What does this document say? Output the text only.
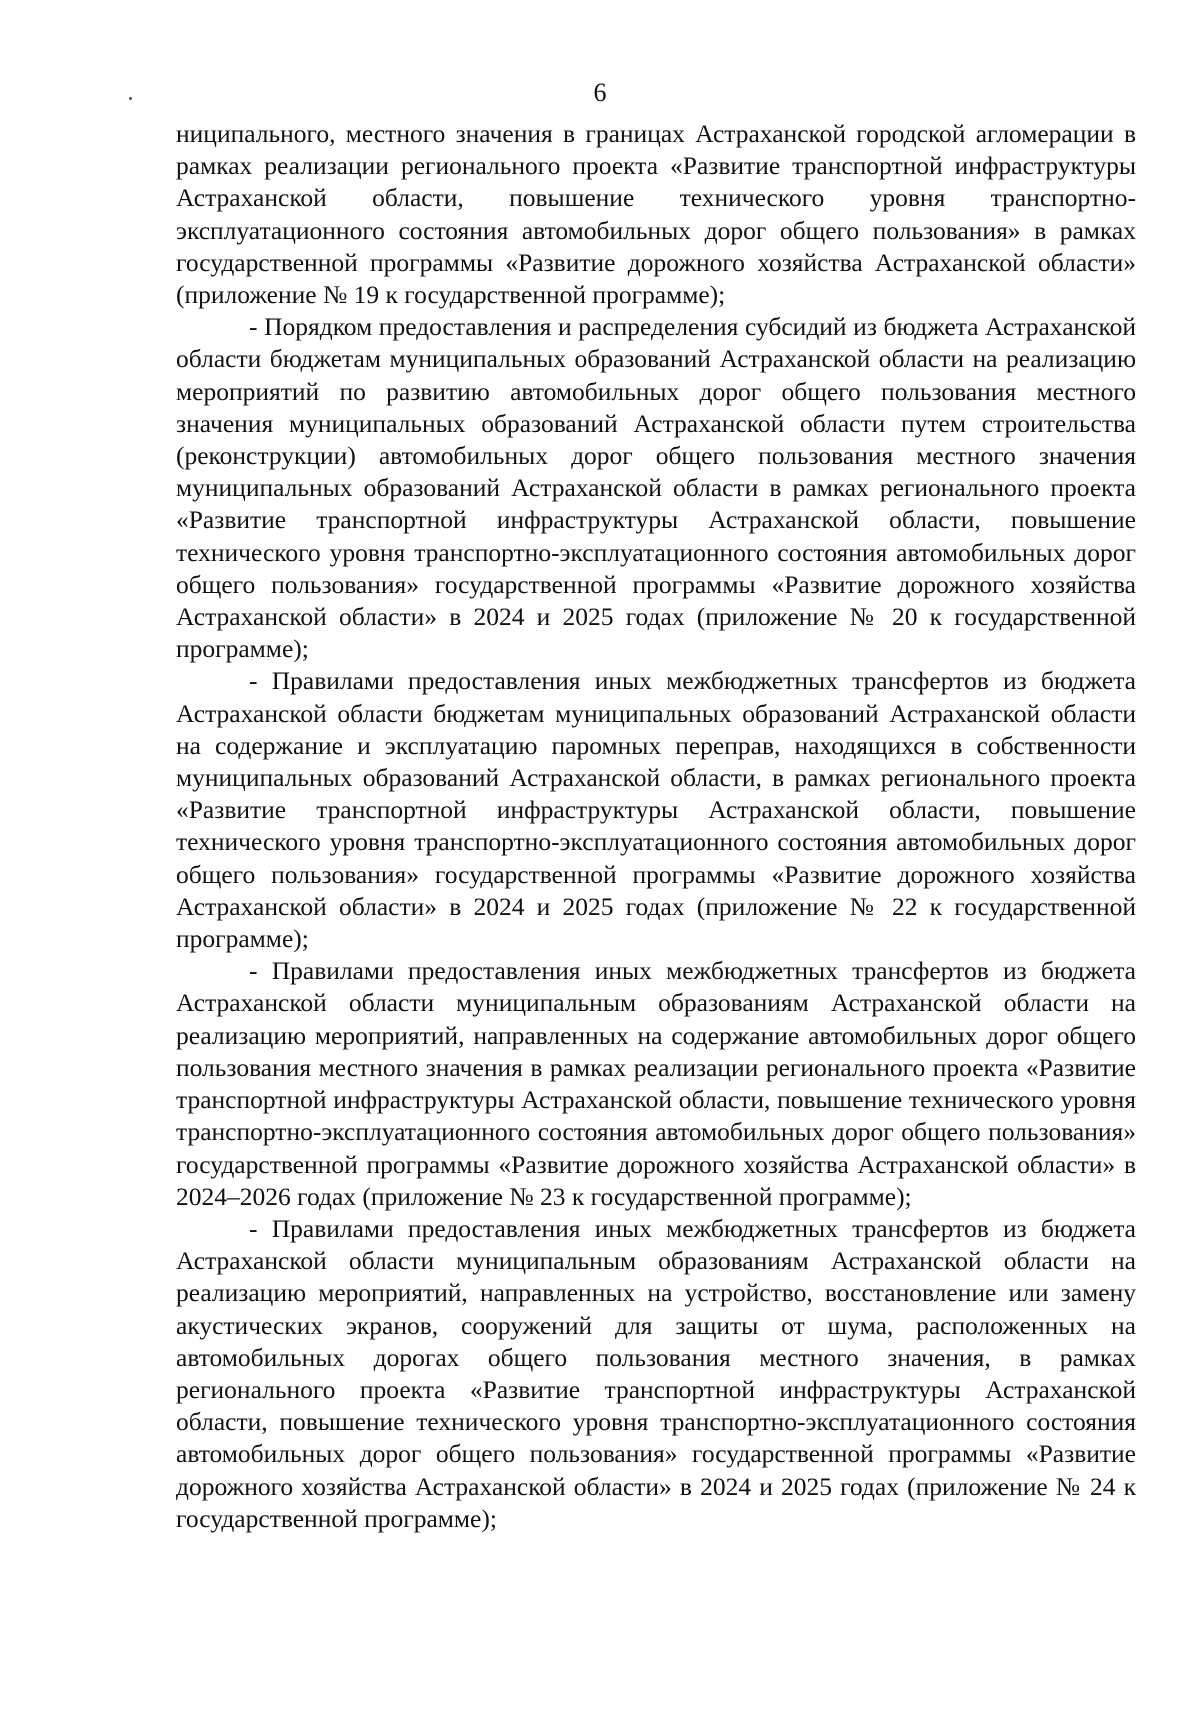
6

ниципального, местного значения в границах Астраханской городской агломерации в рамках реализации регионального проекта «Развитие транспортной инфраструктуры Астраханской области, повышение технического уровня транспортно-эксплуатационного состояния автомобильных дорог общего пользования» в рамках государственной программы «Развитие дорожного хозяйства Астраханской области» (приложение № 19 к государственной программе);

- Порядком предоставления и распределения субсидий из бюджета Астраханской области бюджетам муниципальных образований Астраханской области на реализацию мероприятий по развитию автомобильных дорог общего пользования местного значения муниципальных образований Астраханской области путем строительства (реконструкции) автомобильных дорог общего пользования местного значения муниципальных образований Астраханской области в рамках регионального проекта «Развитие транспортной инфраструктуры Астраханской области, повышение технического уровня транспортно-эксплуатационного состояния автомобильных дорог общего пользования» государственной программы «Развитие дорожного хозяйства Астраханской области» в 2024 и 2025 годах (приложение № 20 к государственной программе);

- Правилами предоставления иных межбюджетных трансфертов из бюджета Астраханской области бюджетам муниципальных образований Астраханской области на содержание и эксплуатацию паромных переправ, находящихся в собственности муниципальных образований Астраханской области, в рамках регионального проекта «Развитие транспортной инфраструктуры Астраханской области, повышение технического уровня транспортно-эксплуатационного состояния автомобильных дорог общего пользования» государственной программы «Развитие дорожного хозяйства Астраханской области» в 2024 и 2025 годах (приложение № 22 к государственной программе);

- Правилами предоставления иных межбюджетных трансфертов из бюджета Астраханской области муниципальным образованиям Астраханской области на реализацию мероприятий, направленных на содержание автомобильных дорог общего пользования местного значения в рамках реализации регионального проекта «Развитие транспортной инфраструктуры Астраханской области, повышение технического уровня транспортно-эксплуатационного состояния автомобильных дорог общего пользования» государственной программы «Развитие дорожного хозяйства Астраханской области» в 2024–2026 годах (приложение № 23 к государственной программе);

- Правилами предоставления иных межбюджетных трансфертов из бюджета Астраханской области муниципальным образованиям Астраханской области на реализацию мероприятий, направленных на устройство, восстановление или замену акустических экранов, сооружений для защиты от шума, расположенных на автомобильных дорогах общего пользования местного значения, в рамках регионального проекта «Развитие транспортной инфраструктуры Астраханской области, повышение технического уровня транспортно-эксплуатационного состояния автомобильных дорог общего пользования» государственной программы «Развитие дорожного хозяйства Астраханской области» в 2024 и 2025 годах (приложение № 24 к государственной программе);
